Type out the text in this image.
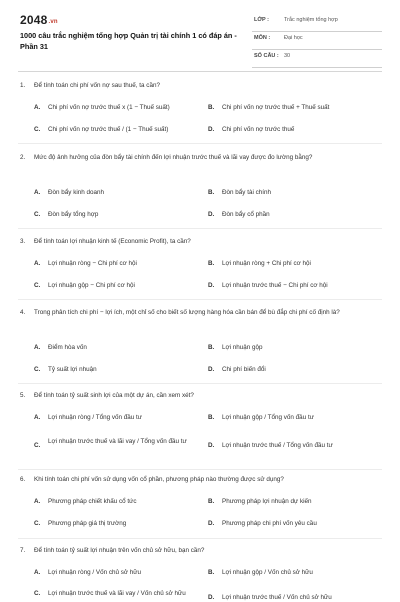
2048.vn
1000 câu trắc nghiệm tổng hợp Quản trị tài chính 1 có đáp án - Phần 31
LỚP :	Trắc nghiệm tổng hợp
MÔN :	Đại học
SỐ CÂU : 30
1. Để tính toán chi phí vốn nợ sau thuế, ta cần?
A. Chi phí vốn nợ trước thuế x (1 − Thuế suất)	B. Chi phí vốn nợ trước thuế + Thuế suất
C. Chi phí vốn nợ trước thuế / (1 − Thuế suất)	D. Chi phí vốn nợ trước thuế
2. Mức độ ảnh hưởng của đòn bẩy tài chính đến lợi nhuận trước thuế và lãi vay được đo lường bằng?
A. Đòn bẩy kinh doanh	B. Đòn bẩy tài chính
C. Đòn bẩy tổng hợp	D. Đòn bẩy cổ phần
3. Để tính toán lợi nhuận kinh tế (Economic Profit), ta cần?
A. Lợi nhuận ròng − Chi phí cơ hội	B. Lợi nhuận ròng + Chi phí cơ hội
C. Lợi nhuận gộp − Chi phí cơ hội	D. Lợi nhuận trước thuế − Chi phí cơ hội
4. Trong phân tích chi phí − lợi ích, một chỉ số cho biết số lượng hàng hóa cần bán để bù đắp chi phí cố định là?
A. Điểm hòa vốn	B. Lợi nhuận gộp
C. Tỷ suất lợi nhuận	D. Chi phí biến đổi
5. Để tính toán tỷ suất sinh lợi của một dự án, cần xem xét?
A. Lợi nhuận ròng / Tổng vốn đầu tư	B. Lợi nhuận gộp / Tổng vốn đầu tư
C.
Lợi nhuận trước thuế và lãi vay / Tổng vốn đầu tư
D. Lợi nhuận trước thuế / Tổng vốn đầu tư
6. Khi tính toán chi phí vốn sử dụng vốn cổ phần, phương pháp nào thường được sử dụng?
A. Phương pháp chiết khấu cổ tức	B. Phương pháp lợi nhuận dự kiến
C. Phương pháp giá thị trường	D. Phương pháp chi phí vốn yêu cầu
7. Để tính toán tỷ suất lợi nhuận trên vốn chủ sở hữu, bạn cần?
A. Lợi nhuận ròng / Vốn chủ sở hữu	B. Lợi nhuận gộp / Vốn chủ sở hữu
C. Lợi nhuận trước thuế và lãi vay / Vốn chủ sở hữu
D. Lợi nhuận trước thuế / Vốn chủ sở hữu
